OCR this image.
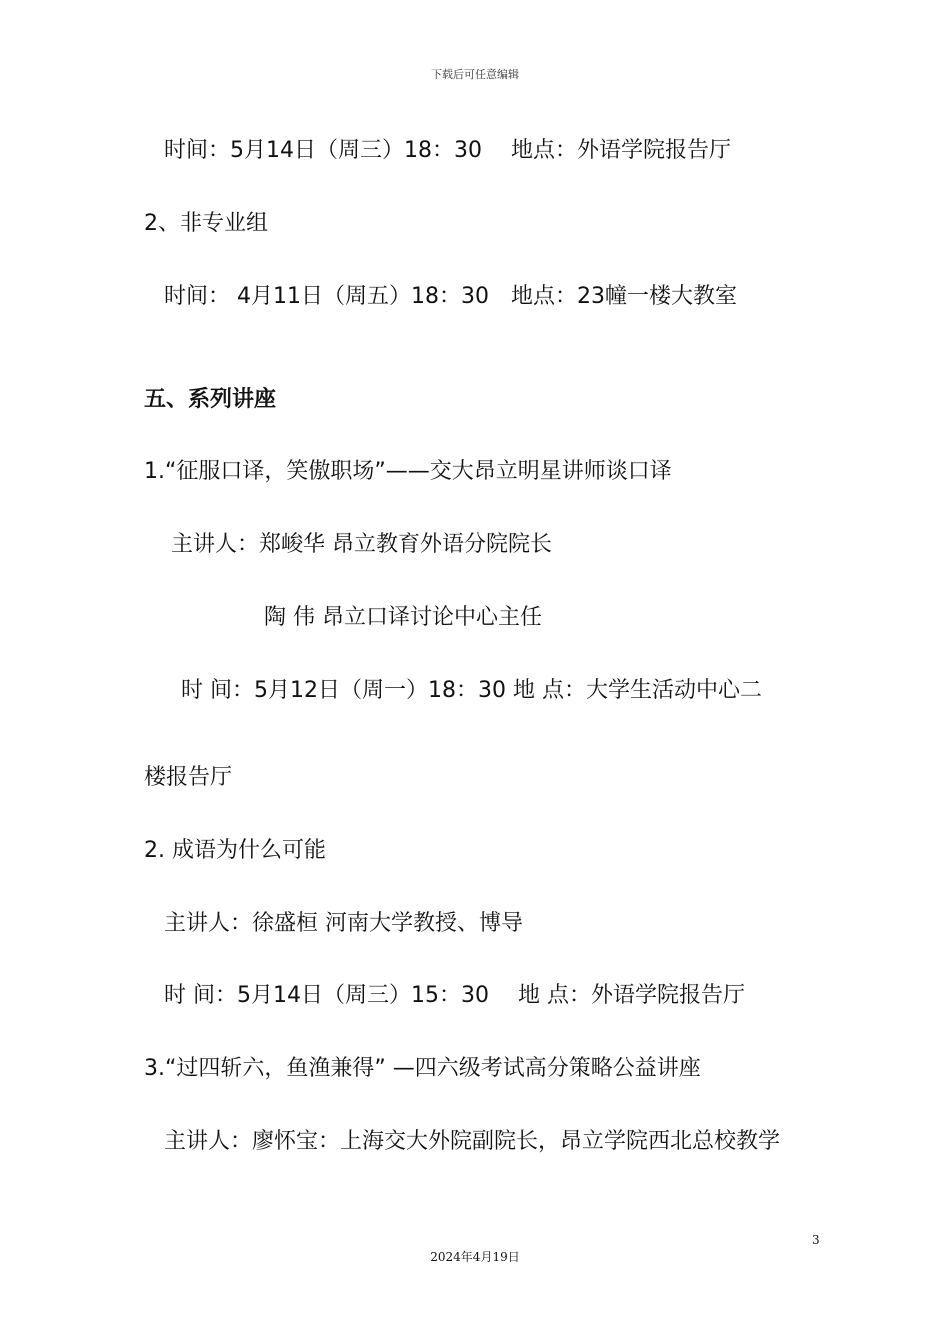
下载后可任意编辑
时间：5月14日（周三）18：30　 地点：外语学院报告厅
2、非专业组
时间： 4月11日（周五）18：30　地点：23幢一楼大教室
五、系列讲座
1.“征服口译，笑傲职场”——交大昂立明星讲师谈口译
主讲人：郑峻华 昂立教育外语分院院长
陶 伟 昂立口译讨论中心主任
时 间：5月12日（周一）18：30 地 点：大学生活动中心二
楼报告厅
2. 成语为什么可能
主讲人：徐盛桓 河南大学教授、博导
时 间：5月14日（周三）15：30　 地 点：外语学院报告厅
3.“过四斩六，鱼渔兼得” —四六级考试高分策略公益讲座
主讲人：廖怀宝：上海交大外院副院长，昂立学院西北总校教学
3
2024年4月19日
